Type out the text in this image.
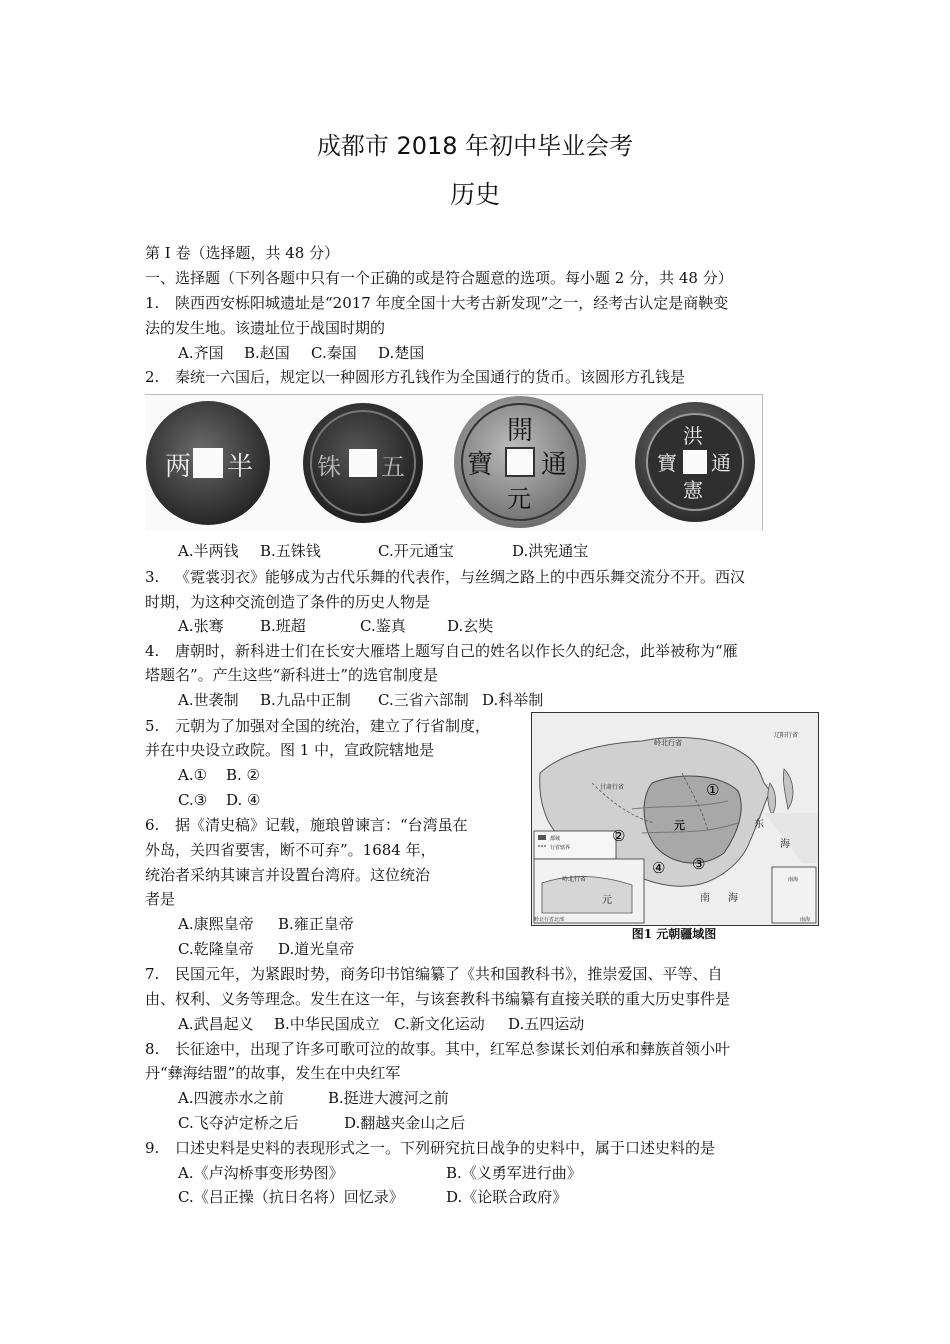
成都市 2018 年初中毕业会考
历史
第 I 卷（选择题，共 48 分）
一、选择题（下列各题中只有一个正确的或是符合题意的选项。每小题 2 分，共 48 分）
1. 陕西西安栎阳城遗址是“2017 年度全国十大考古新发现”之一，经考古认定是商鞅变
法的发生地。该遗址位于战国时期的
A.齐国 B.赵国 C.秦国 D.楚国
2. 秦统一六国后，规定以一种圆形方孔钱作为全国通行的货币。该圆形方孔钱是
两 半	铢 五
開
元
寶 通
洪
憲
寶 通
A.半两钱 B.五铢钱	C.开元通宝	D.洪宪通宝
3. 《霓裳羽衣》能够成为古代乐舞的代表作，与丝绸之路上的中西乐舞交流分不开。西汉
时期，为这种交流创造了条件的历史人物是
A.张骞 B.班超	C.鉴真	D.玄奘
4. 唐朝时，新科进士们在长安大雁塔上题写自己的姓名以作长久的纪念，此举被称为“雁
塔题名”。产生这些“新科进士”的选官制度是
A.世袭制 B.九品中正制 C.三省六部制 D.科举制
5. 元朝为了加强对全国的统治，建立了行省制度，
并在中央设立政院。图 1 中，宣政院辖地是
A.① B. ②
C.③ D. ④
6. 据《清史稿》记载，施琅曾谏言：“台湾虽在
外岛，关四省要害，断不可弃”。1684 年，
统治者采纳其谏言并设置台湾府。这位统治
者是
A.康熙皇帝 B.雍正皇帝
C.乾隆皇帝 D.道光皇帝
岭北行省
辽阳行省
甘肃行省
元	东
海
南 海
都城
行省辖界
岭北行省
元
南海
岭北行省北部	南海
①
②
③
④
图1 元朝疆域图
7. 民国元年，为紧跟时势，商务印书馆编纂了《共和国教科书》，推崇爱国、平等、自
由、权利、义务等理念。发生在这一年，与该套教科书编纂有直接关联的重大历史事件是
A.武昌起义 B.中华民国成立 C.新文化运动 D.五四运动
8. 长征途中，出现了许多可歌可泣的故事。其中，红军总参谋长刘伯承和彝族首领小叶
丹“彝海结盟”的故事，发生在中央红军
A.四渡赤水之前	B.挺进大渡河之前
C.飞夺泸定桥之后	D.翻越夹金山之后
9. 口述史料是史料的表现形式之一。下列研究抗日战争的史料中，属于口述史料的是
A.《卢沟桥事变形势图》	B.《义勇军进行曲》
C.《吕正操（抗日名将）回忆录》	D.《论联合政府》
